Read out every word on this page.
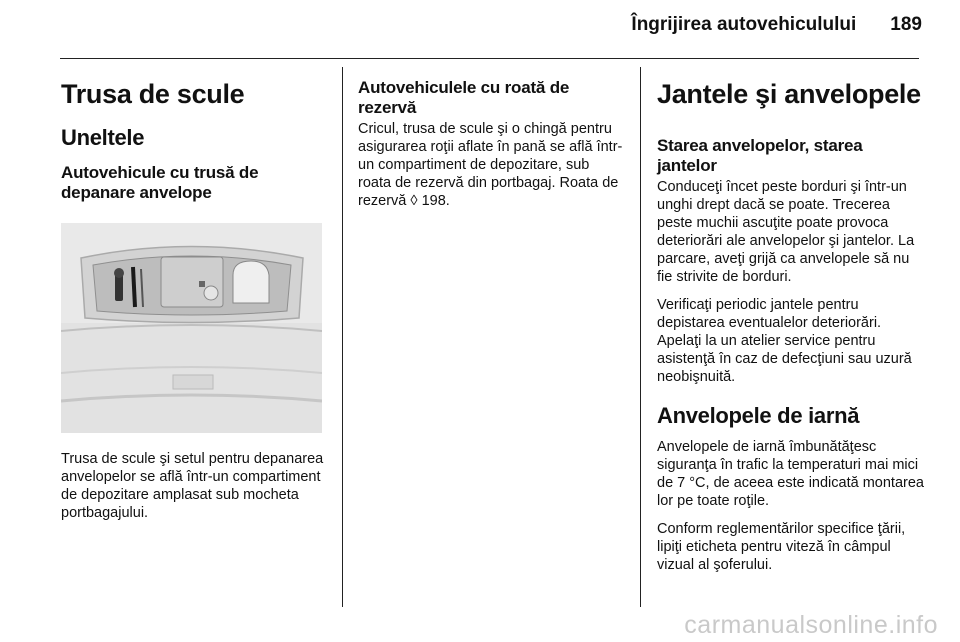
Îngrijirea autovehiculului 189
Trusa de scule
Uneltele
Autovehicule cu trusă de depanare anvelope

Trusa de scule şi setul pentru depanarea anvelopelor se află într-un compartiment de depozitare amplasat sub mocheta portbagajului.

Autovehiculele cu roată de rezervă

Cricul, trusa de scule şi o chingă pentru asigurarea roţii aflate în pană se află într-un compartiment de depozitare, sub roata de rezervă din portbagaj. Roata de rezervă ◊ 198.

Jantele şi anvelopele
Starea anvelopelor, starea jantelor

Conduceţi încet peste borduri şi într-un unghi drept dacă se poate. Trecerea peste muchii ascuţite poate provoca deteriorări ale anvelopelor şi jantelor. La parcare, aveţi grijă ca anvelopele să nu fie strivite de borduri.

Verificaţi periodic jantele pentru depistarea eventualelor deteriorări. Apelaţi la un atelier service pentru asistenţă în caz de defecţiuni sau uzură neobişnuită.

Anvelopele de iarnă

Anvelopele de iarnă îmbunătăţesc siguranţa în trafic la temperaturi mai mici de 7 °C, de aceea este indicată montarea lor pe toate roţile.

Conform reglementărilor specifice ţării, lipiţi eticheta pentru viteză în câmpul vizual al şoferului.

carmanualsonline.info
